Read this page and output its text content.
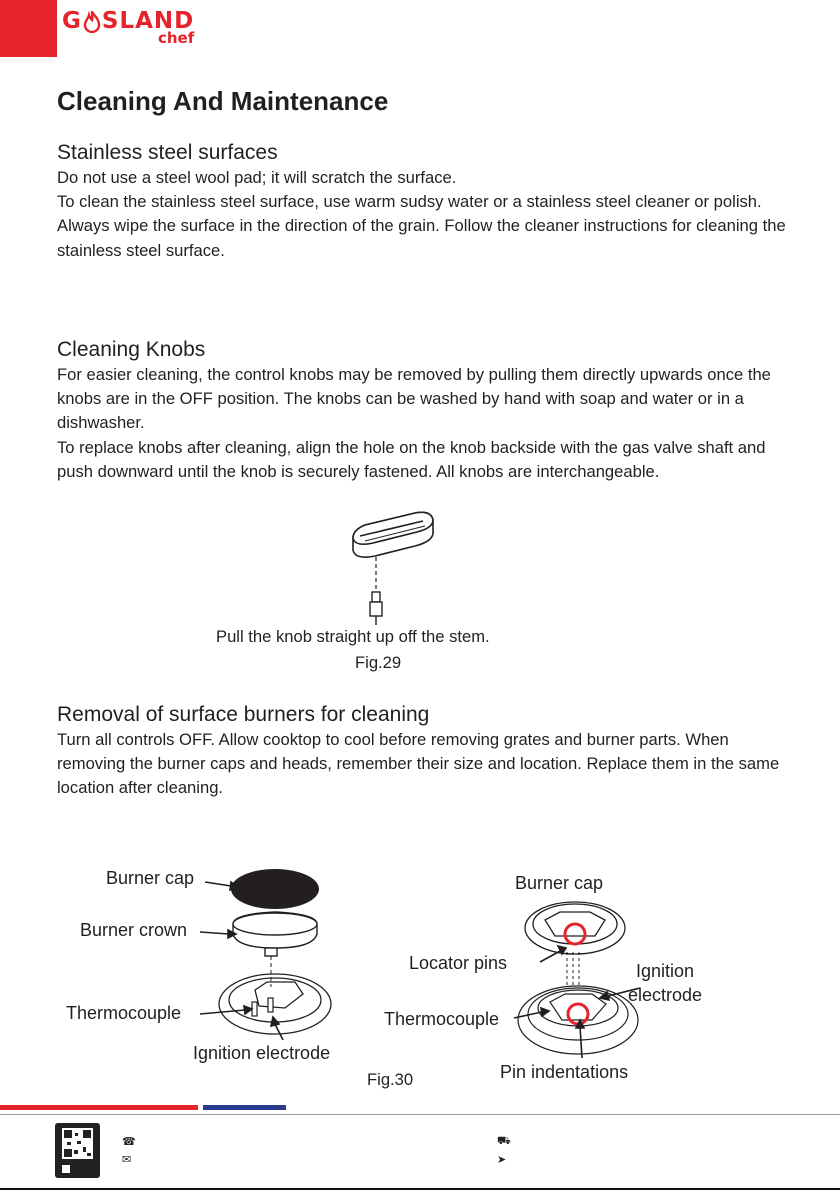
G SLAND
chef
Cleaning And Maintenance
Stainless steel surfaces

Do not use a steel wool pad; it will scratch the surface.
To clean the stainless steel surface, use warm sudsy water or a stainless steel cleaner or polish. Always wipe the surface in the direction of the grain. Follow the cleaner instructions for cleaning the stainless steel surface.

Cleaning Knobs

For easier cleaning, the control knobs may be removed by pulling them directly upwards once the knobs are in the OFF position. The knobs can be washed by hand with soap and water or in a dishwasher.
To replace knobs after cleaning, align the hole on the knob backside with the gas valve shaft and push downward until the knob is securely fastened. All knobs are interchangeable.

Pull the knob straight up off the stem.
Fig.29
Removal of surface burners for cleaning

Turn all controls OFF. Allow cooktop to cool before removing grates and burner parts. When removing the burner caps and heads, remember their size and location. Replace them in the same location after cleaning.

Burner cap
Burner crown
Thermocouple
Ignition electrode
Burner cap
Locator pins	Ignition
electrode
Thermocouple
Pin indentations
Fig.30
☎
✉
⛟
➤
